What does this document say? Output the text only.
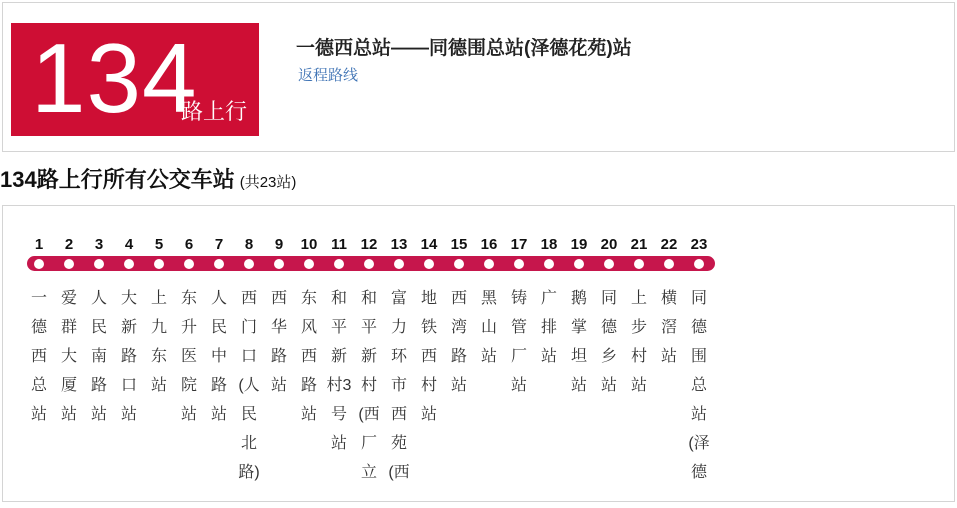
134
路上行
一德西总站——同德围总站(泽德花苑)站
返程路线
134路上行所有公交车站 (共23站)
1
一
德
西
总
站
2
爱
群
大
厦
站
3
人
民
南
路
站
4
大
新
路
口
站
5
上
九
东
站
6
东
升
医
院
站
7
人
民
中
路
站
8
西
门
口
(人
民
北
路)
9
西
华
路
站
10
东
风
西
路
站
11
和
平
新
村3
号
站
12
和
平
新
村
(西
厂
立
13
富
力
环
市
西
苑
(西
14
地
铁
西
村
站
15
西
湾
路
站
16
黑
山
站
17
铸
管
厂
站
18
广
排
站
19
鹅
掌
坦
站
20
同
德
乡
站
21
上
步
村
站
22
横
滘
站
23
同
德
围
总
站
(泽
德
